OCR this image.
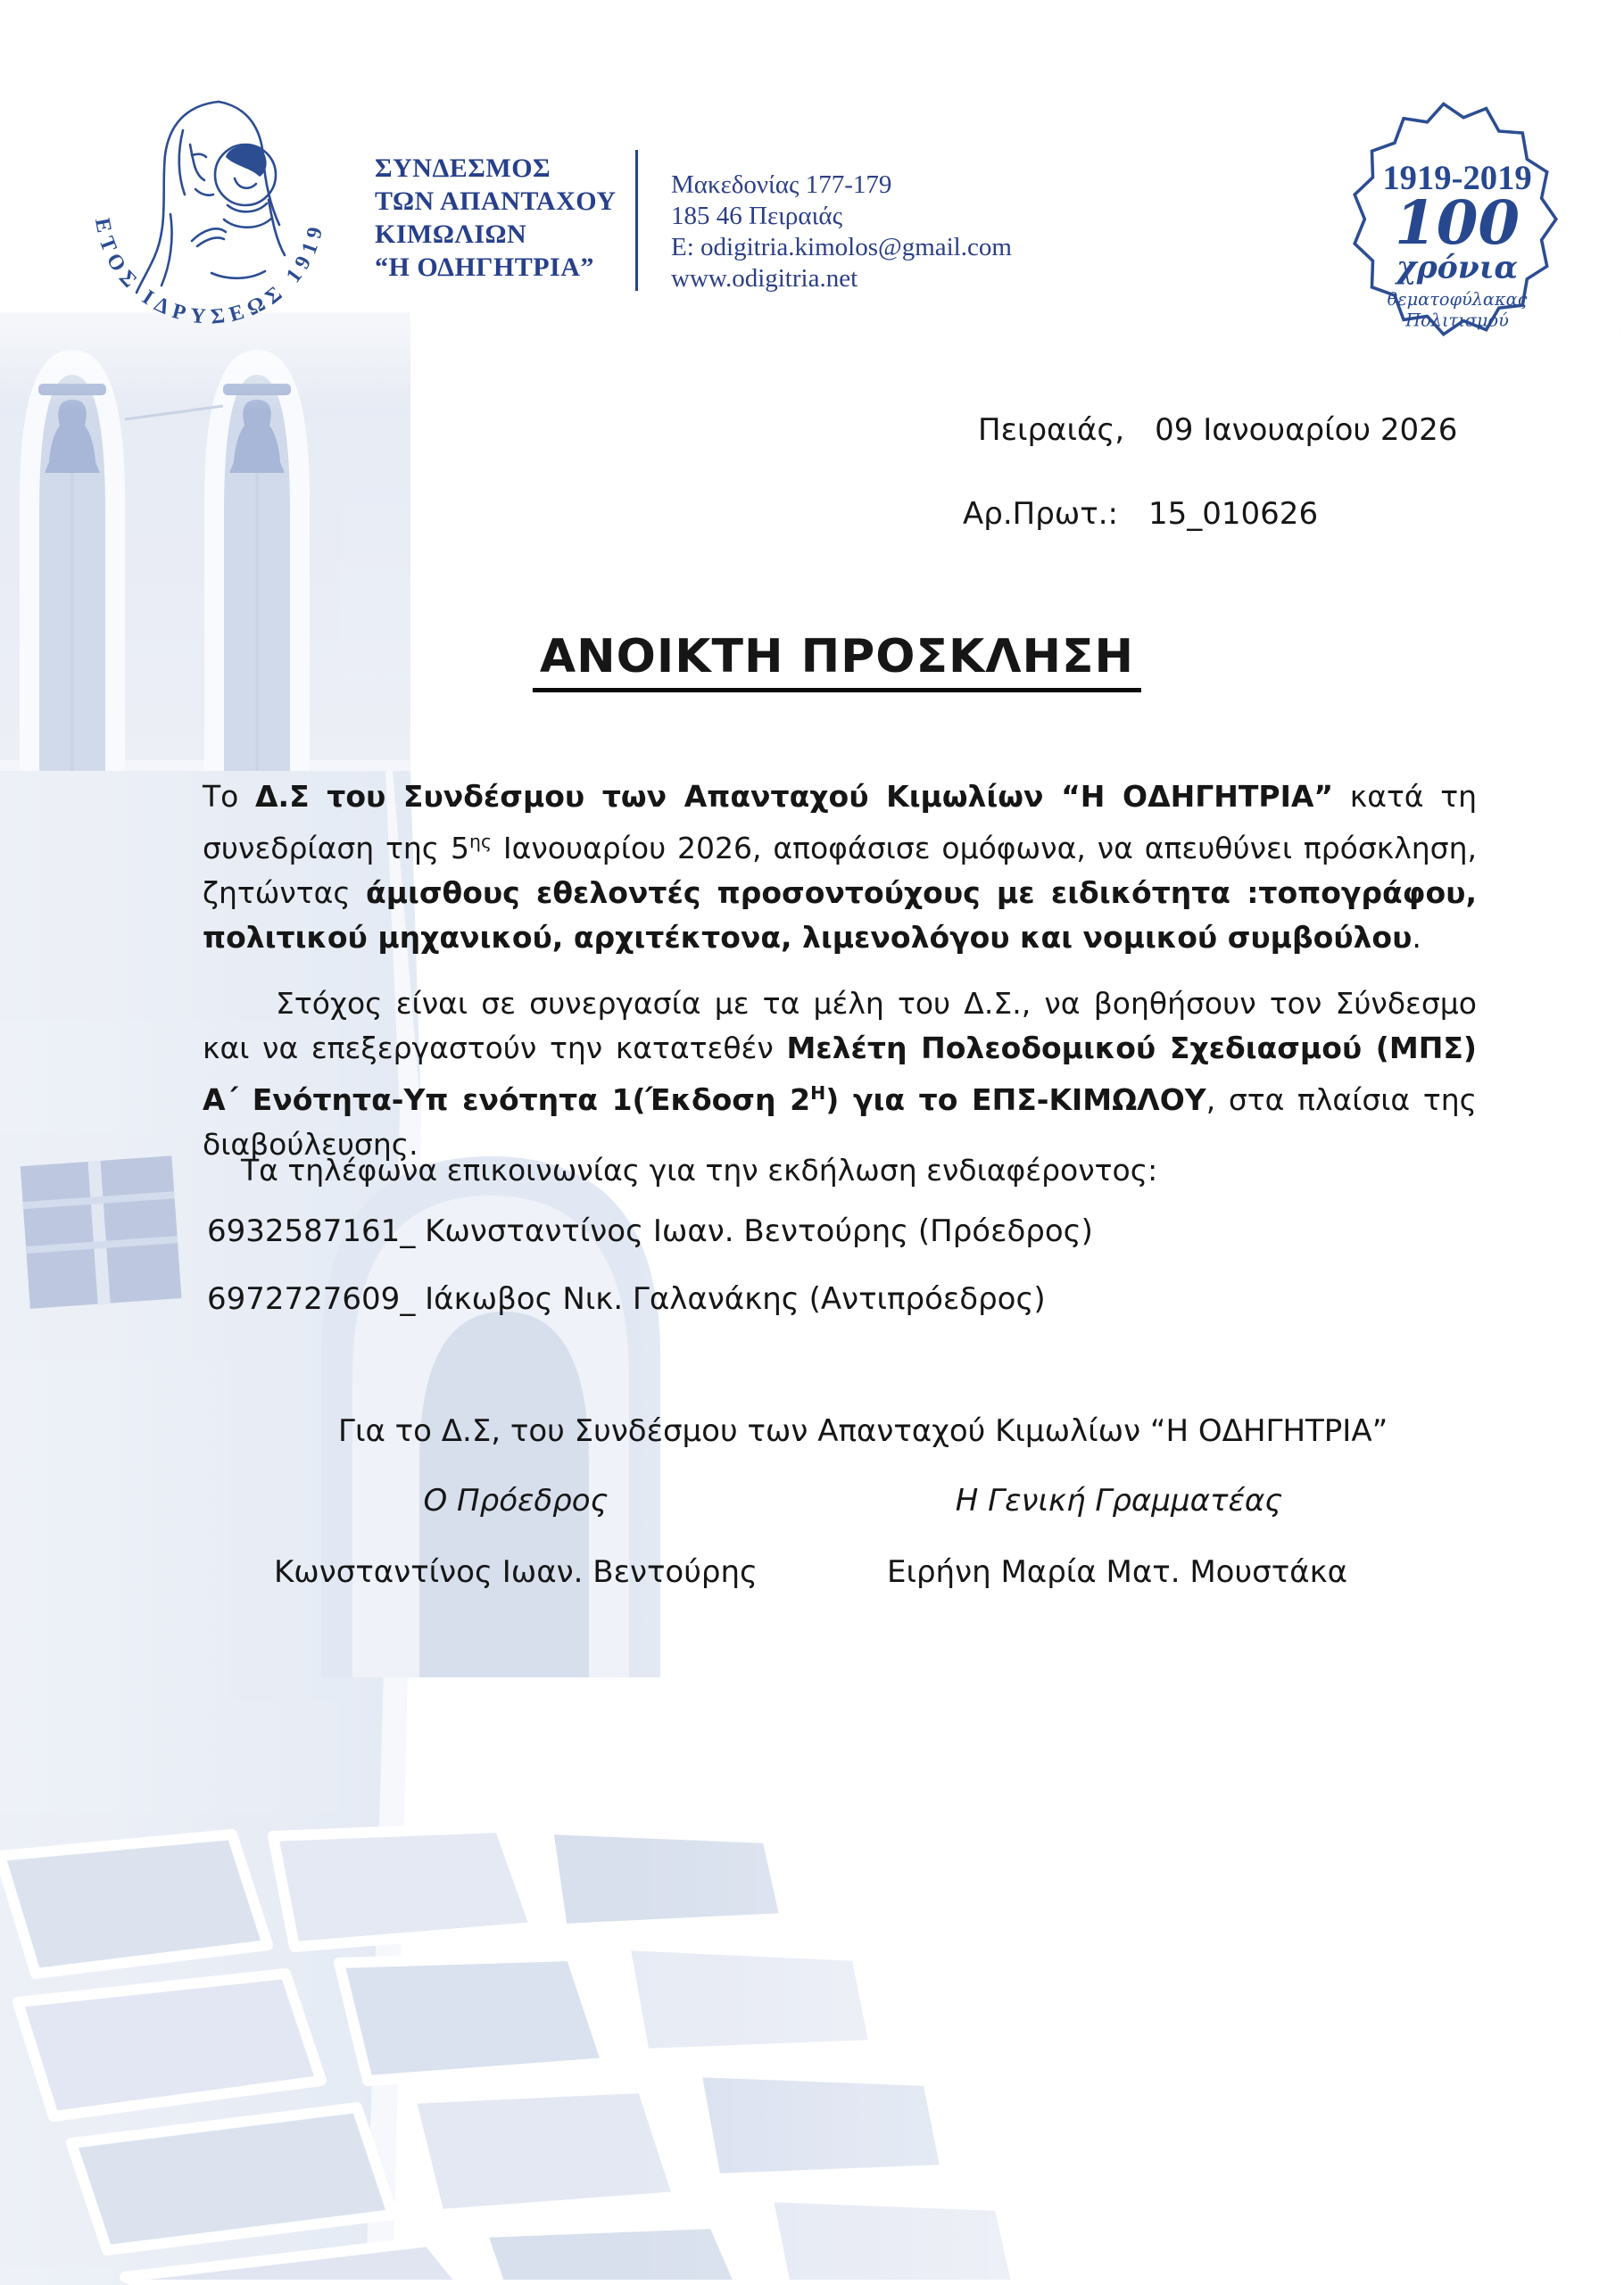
ΕΤΟΣ ΙΔΡΥΣΕΩΣ 1919
ΣΥΝΔΕΣΜΟΣ
ΤΩΝ ΑΠΑΝΤΑΧΟΥ
ΚΙΜΩΛΙΩΝ
“Η ΟΔΗΓΗΤΡΙΑ”
Μακεδονίας 177-179
185 46 Πειραιάς
E: odigitria.kimolos@gmail.com
www.odigitria.net
1919-2019
100
χρόνια
θεματοφύλακας
Πολιτισμού
Πειραιάς, 09 Ιανουαρίου 2026
Αρ.Πρωτ.: 15_010626
ΑΝΟΙΚΤΗ ΠΡΟΣΚΛΗΣΗ
Το Δ.Σ του Συνδέσμου των Απανταχού Κιμωλίων “Η ΟΔΗΓΗΤΡΙΑ” κατά τη συνεδρίαση της $5^{\eta\varsigma}$ Ιανουαρίου 2026, αποφάσισε ομόφωνα, να απευθύνει πρόσκληση, ζητώντας άμισθους εθελοντές προσοντούχους με ειδικότητα :τοπογράφου, πολιτικού μηχανικού, αρχιτέκτονα, λιμενολόγου και νομικού συμβούλου.
Στόχος είναι σε συνεργασία με τα μέλη του Δ.Σ., να βοηθήσουν τον Σύνδεσμο και να επεξεργαστούν την κατατεθέν Μελέτη Πολεοδομικού Σχεδιασμού (ΜΠΣ) Α΄ Ενότητα-Υπ ενότητα 1(Έκδοση $2^H$) για το ΕΠΣ-ΚΙΜΩΛΟΥ, στα πλαίσια της διαβούλευσης.
Τα τηλέφωνα επικοινωνίας για την εκδήλωση ενδιαφέροντος:
6932587161_ Κωνσταντίνος Ιωαν. Βεντούρης (Πρόεδρος)
6972727609_ Ιάκωβος Νικ. Γαλανάκης (Αντιπρόεδρος)
Για το Δ.Σ, του Συνδέσμου των Απανταχού Κιμωλίων “Η ΟΔΗΓΗΤΡΙΑ”
Ο Πρόεδρος	Η Γενική Γραμματέας
Κωνσταντίνος Ιωαν. Βεντούρης	Ειρήνη Μαρία Ματ. Μουστάκα
